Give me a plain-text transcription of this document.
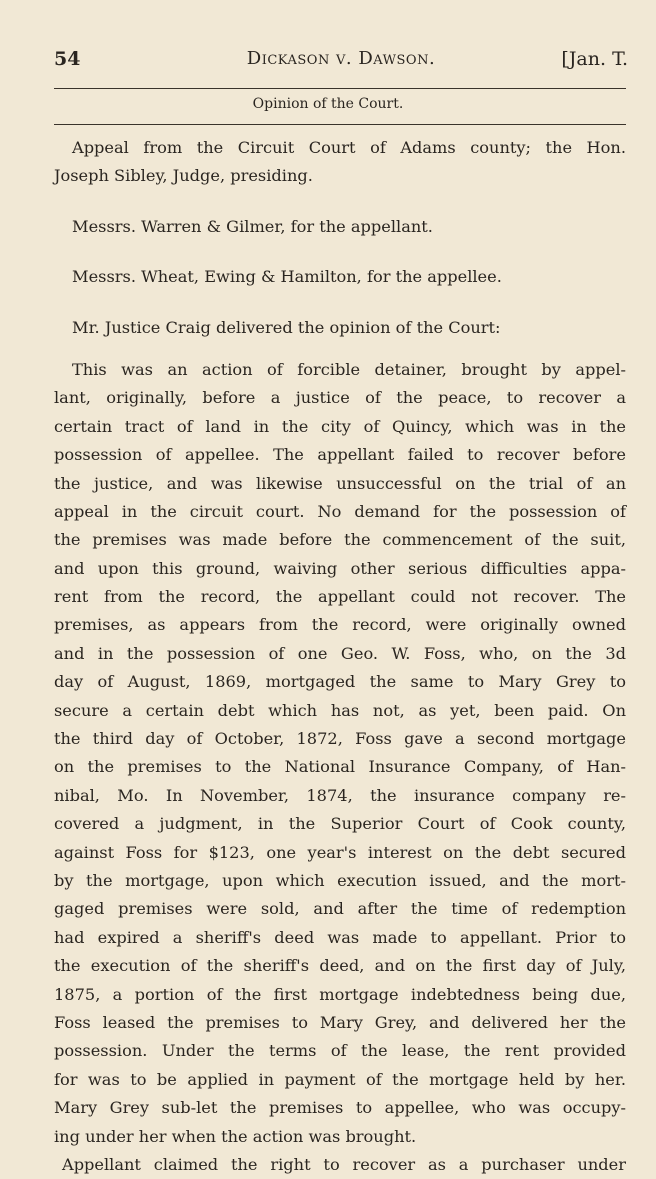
54	Dickason v. Dawson.	[Jan. T.
Opinion of the Court.
Appeal from the Circuit Court of Adams county; the Hon.
Joseph Sibley, Judge, presiding.
Messrs. Warren & Gilmer, for the appellant.
Messrs. Wheat, Ewing & Hamilton, for the appellee.
Mr. Justice Craig delivered the opinion of the Court:
This was an action of forcible detainer, brought by appel-
lant, originally, before a justice of the peace, to recover a
certain tract of land in the city of Quincy, which was in the
possession of appellee. The appellant failed to recover before
the justice, and was likewise unsuccessful on the trial of an
appeal in the circuit court. No demand for the possession of
the premises was made before the commencement of the suit,
and upon this ground, waiving other serious difficulties appa-
rent from the record, the appellant could not recover. The
premises, as appears from the record, were originally owned
and in the possession of one Geo. W. Foss, who, on the 3d
day of August, 1869, mortgaged the same to Mary Grey to
secure a certain debt which has not, as yet, been paid. On
the third day of October, 1872, Foss gave a second mortgage
on the premises to the National Insurance Company, of Han-
nibal, Mo. In November, 1874, the insurance company re-
covered a judgment, in the Superior Court of Cook county,
against Foss for $123, one year's interest on the debt secured
by the mortgage, upon which execution issued, and the mort-
gaged premises were sold, and after the time of redemption
had expired a sheriff's deed was made to appellant. Prior to
the execution of the sheriff's deed, and on the first day of July,
1875, a portion of the first mortgage indebtedness being due,
Foss leased the premises to Mary Grey, and delivered her the
possession. Under the terms of the lease, the rent provided
for was to be applied in payment of the mortgage held by her.
Mary Grey sub-let the premises to appellee, who was occupy-
ing under her when the action was brought.
Appellant claimed the right to recover as a purchaser under
